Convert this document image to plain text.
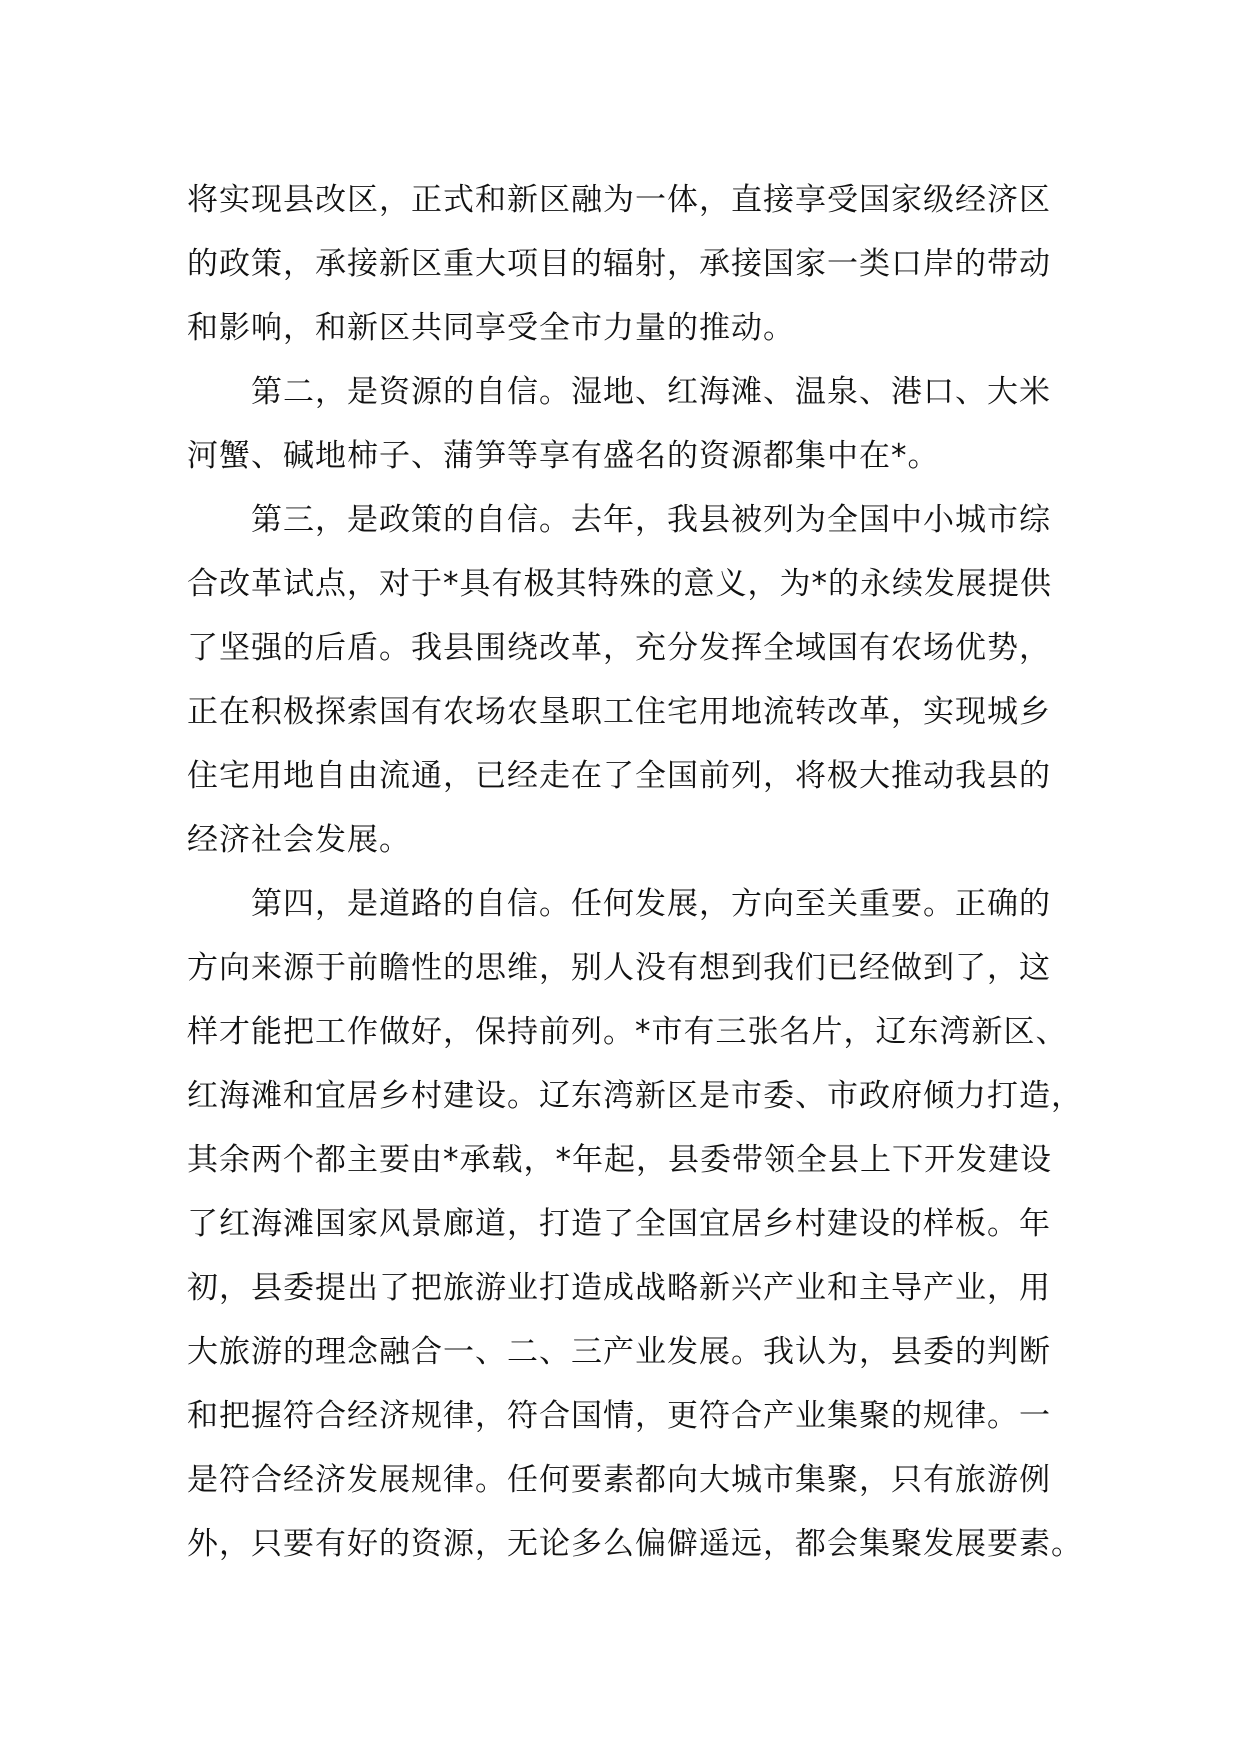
将实现县改区，正式和新区融为一体，直接享受国家级经济区
的政策，承接新区重大项目的辐射，承接国家一类口岸的带动
和影响，和新区共同享受全市力量的推动。
第二，是资源的自信。湿地、红海滩、温泉、港口、大米
河蟹、碱地柿子、蒲笋等享有盛名的资源都集中在*。
第三，是政策的自信。去年，我县被列为全国中小城市综
合改革试点，对于*具有极其特殊的意义，为*的永续发展提供
了坚强的后盾。我县围绕改革，充分发挥全域国有农场优势，
正在积极探索国有农场农垦职工住宅用地流转改革，实现城乡
住宅用地自由流通，已经走在了全国前列，将极大推动我县的
经济社会发展。
第四，是道路的自信。任何发展，方向至关重要。正确的
方向来源于前瞻性的思维，别人没有想到我们已经做到了，这
样才能把工作做好，保持前列。*市有三张名片，辽东湾新区、
红海滩和宜居乡村建设。辽东湾新区是市委、市政府倾力打造，
其余两个都主要由*承载，*年起，县委带领全县上下开发建设
了红海滩国家风景廊道，打造了全国宜居乡村建设的样板。年
初，县委提出了把旅游业打造成战略新兴产业和主导产业，用
大旅游的理念融合一、二、三产业发展。我认为，县委的判断
和把握符合经济规律，符合国情，更符合产业集聚的规律。一
是符合经济发展规律。任何要素都向大城市集聚，只有旅游例
外，只要有好的资源，无论多么偏僻遥远，都会集聚发展要素。
